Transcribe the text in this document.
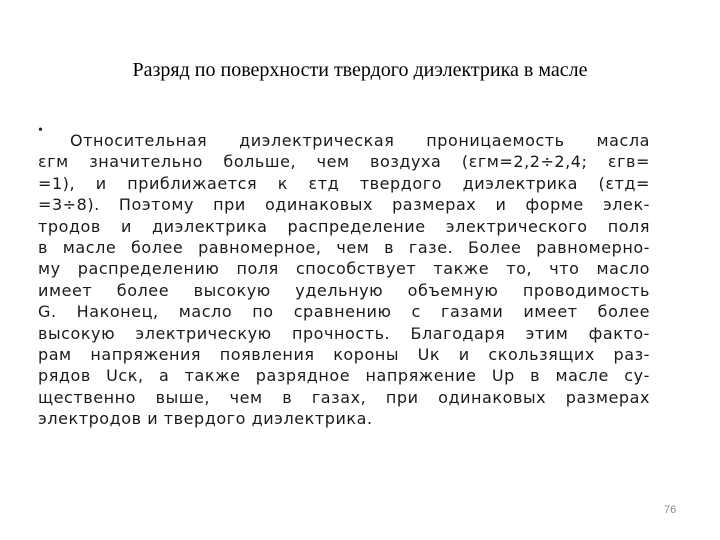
Разряд по поверхности твердого диэлектрика в масле
•
Относительная диэлектрическая проницаемость масла
εгм значительно больше, чем воздуха (εгм=2,2÷2,4; εгв=
=1), и приближается к εтд твердого диэлектрика (εтд=
=3÷8). Поэтому при одинаковых размерах и форме элек-
тродов и диэлектрика распределение электрического поля
в масле более равномерное, чем в газе. Более равномерно-
му распределению поля способствует также то, что масло
имеет более высокую удельную объемную проводимость
G. Наконец, масло по сравнению с газами имеет более
высокую электрическую прочность. Благодаря этим факто-
рам напряжения появления короны Uк и скользящих раз-
рядов Uск, а также разрядное напряжение Uр в масле су-
щественно выше, чем в газах, при одинаковых размерах
электродов и твердого диэлектрика.
76
